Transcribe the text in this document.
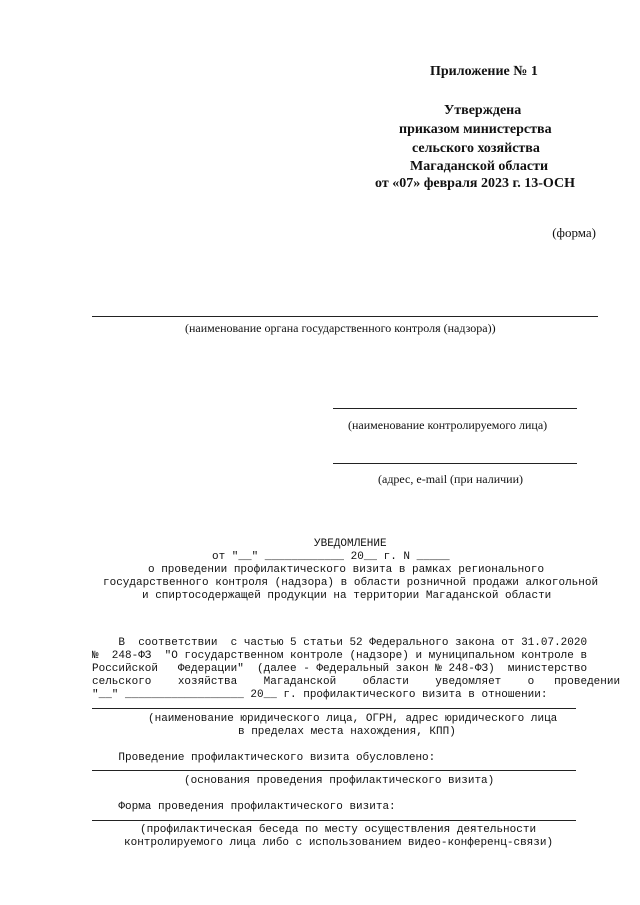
Приложение № 1
Утверждена
приказом министерства
сельского хозяйства
Магаданской области
от «07» февраля 2023 г. 13-ОСН
(форма)
(наименование органа государственного контроля (надзора))
(наименование контролируемого лица)
(адрес, e-mail (при наличии)
УВЕДОМЛЕНИЕ
от "__" ____________ 20__ г. N _____
о проведении профилактического визита в рамках регионального
государственного контроля (надзора) в области розничной продажи алкогольной
и спиртосодержащей продукции на территории Магаданской области
В  соответствии  с частью 5 статьи 52 Федерального закона от 31.07.2020
№  248-ФЗ  "О государственном контроле (надзоре) и муниципальном контроле в
Российской   Федерации"  (далее - Федеральный закон № 248-ФЗ)  министерство
сельского    хозяйства    Магаданской    области    уведомляет    о   проведении
"__" __________________ 20__ г. профилактического визита в отношении:
(наименование юридического лица, ОГРН, адрес юридического лица
в пределах места нахождения, КПП)
Проведение профилактического визита обусловлено:
(основания проведения профилактического визита)
Форма проведения профилактического визита:
(профилактическая беседа по месту осуществления деятельности
контролируемого лица либо с использованием видео-конференц-связи)
